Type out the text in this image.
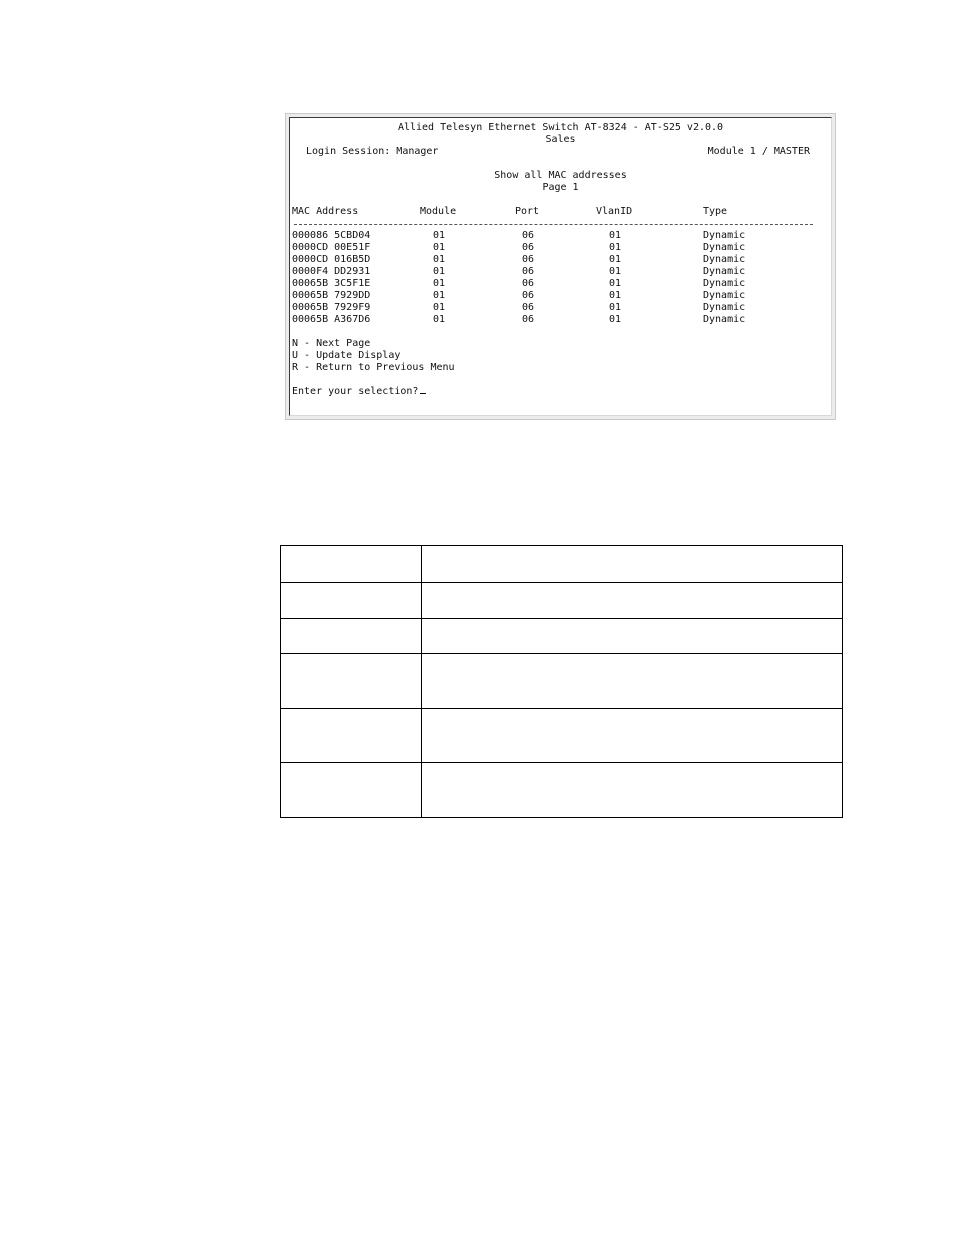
Allied Telesyn Ethernet Switch AT-8324 - AT-S25 v2.0.0
Sales
Login Session: Manager	Module 1 / MASTER
Show all MAC addresses
Page 1
MAC Address	Module	Port	VlanID	Type
000086 5CBD04	01	06	01	Dynamic
0000CD 00E51F	01	06	01	Dynamic
0000CD 016B5D	01	06	01	Dynamic
0000F4 DD2931	01	06	01	Dynamic
00065B 3C5F1E	01	06	01	Dynamic
00065B 7929DD	01	06	01	Dynamic
00065B 7929F9	01	06	01	Dynamic
00065B A367D6	01	06	01	Dynamic
N - Next Page
U - Update Display
R - Return to Previous Menu
Enter your selection?
